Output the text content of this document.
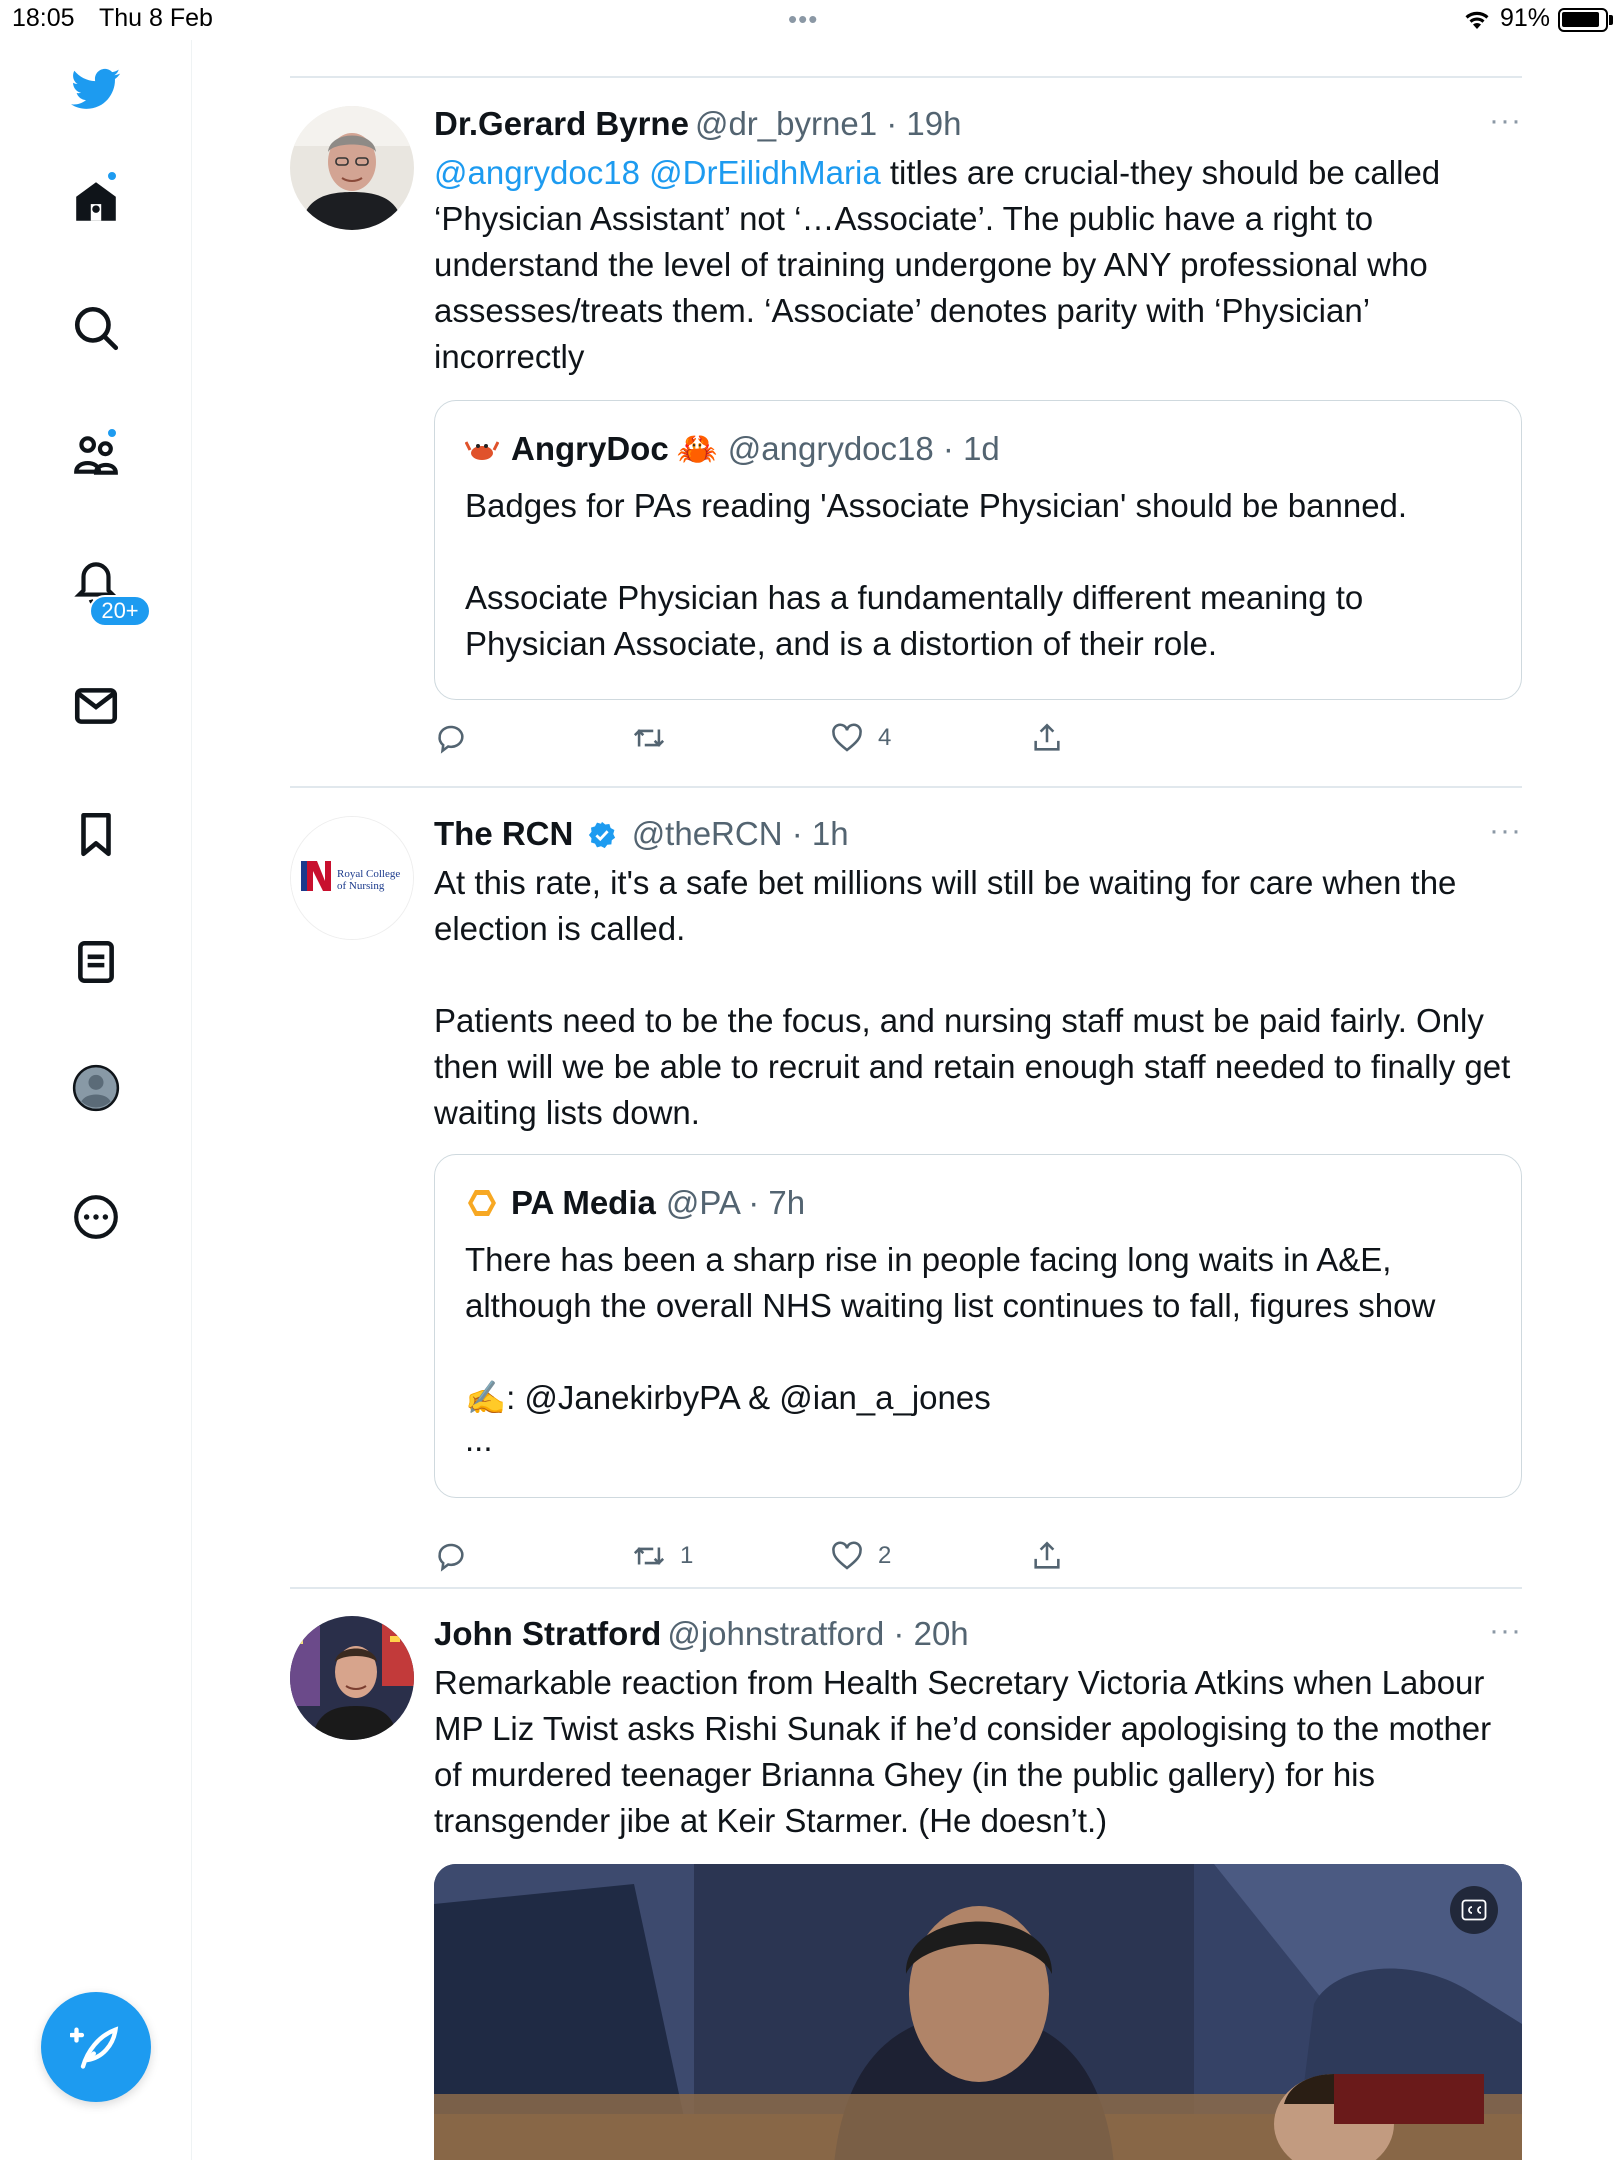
18:05 Thu 8 Feb	•••	91%
20+
Dr.Gerard Byrne @dr_byrne1 · 19h	···
@angrydoc18 @DrEilidhMaria titles are crucial-they should be called ‘Physician Assistant’ not ‘…Associate’. The public have a right to understand the level of training undergone by ANY professional who assesses/treats them. ‘Associate’ denotes parity with ‘Physician’ incorrectly
AngryDoc 🦀 @angrydoc18 · 1d
Badges for PAs reading 'Associate Physician' should be banned.
Associate Physician has a fundamentally different meaning to Physician Associate, and is a distortion of their role.
4
Royal College
of Nursing
The RCN @theRCN · 1h	···
At this rate, it's a safe bet millions will still be waiting for care when the election is called.
Patients need to be the focus, and nursing staff must be paid fairly. Only then will we be able to recruit and retain enough staff needed to finally get waiting lists down.
PA Media @PA · 7h
There has been a sharp rise in people facing long waits in A&E, although the overall NHS waiting list continues to fall, figures show
✍️: @JanekirbyPA & @ian_a_jones
...
1	2
John Stratford @johnstratford · 20h	···
Remarkable reaction from Health Secretary Victoria Atkins when Labour MP Liz Twist asks Rishi Sunak if he’d consider apologising to the mother of murdered teenager Brianna Ghey (in the public gallery) for his transgender jibe at Keir Starmer. (He doesn’t.)
